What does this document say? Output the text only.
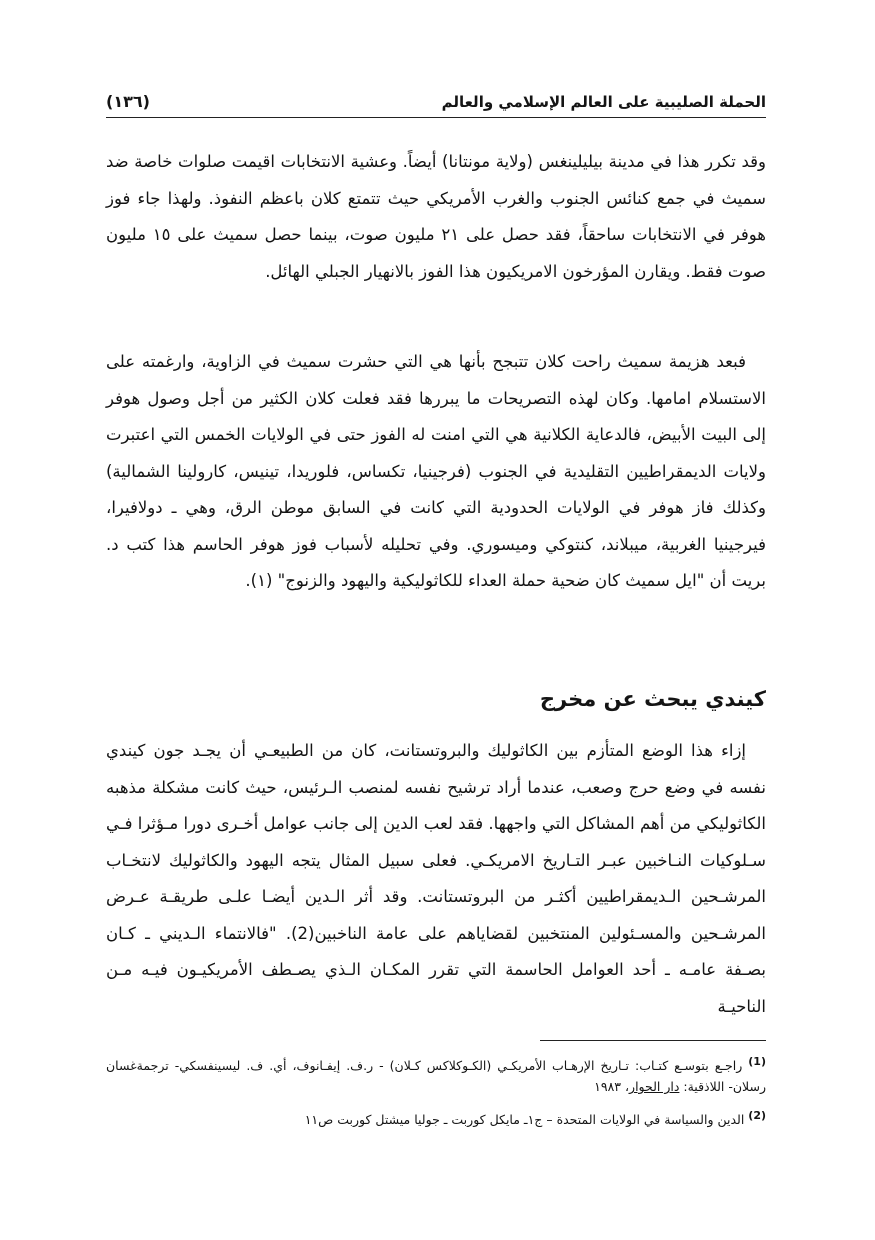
الحملة الصليبية على العالم الإسلامي والعالم
(١٣٦)

وقد تكرر هذا في مدينة بيليلينغس (ولاية مونتانا) أيضاً. وعشية الانتخابات اقيمت صلوات خاصة ضد سميث في جمع كنائس الجنوب والغرب الأمريكي حيث تتمتع كلان باعظم النفوذ. ولهذا جاء فوز هوفر في الانتخابات ساحقاً، فقد حصل على ٢١ مليون صوت، بينما حصل سميث على ١٥ مليون صوت فقط. ويقارن المؤرخون الامريكيون هذا الفوز بالانهيار الجبلي الهائل.

فبعد هزيمة سميث راحت كلان تتبجح بأنها هي التي حشرت سميث في الزاوية، وارغمته على الاستسلام امامها. وكان لهذه التصريحات ما يبررها فقد فعلت كلان الكثير من أجل وصول هوفر إلى البيت الأبيض، فالدعاية الكلانية هي التي امنت له الفوز حتى في الولايات الخمس التي اعتبرت ولايات الديمقراطيين التقليدية في الجنوب (فرجينيا، تكساس، فلوريدا، تينيس، كارولينا الشمالية) وكذلك فاز هوفر في الولايات الحدودية التي كانت في السابق موطن الرق، وهي ـ دولافيرا، فيرجينيا الغربية، ميبلاند، كنتوكي وميسوري. وفي تحليله لأسباب فوز هوفر الحاسم هذا كتب د. بريت أن "ايل سميث كان ضحية حملة العداء للكاثوليكية واليهود والزنوج" (١).

كيندي يبحث عن مخرج

إزاء هذا الوضع المتأزم بين الكاثوليك والبروتستانت، كان من الطبيعـي أن يجـد جون كيندي نفسه في وضع حرج وصعب، عندما أراد ترشيح نفسه لمنصب الـرئيس، حيث كانت مشكلة مذهبه الكاثوليكي من أهم المشاكل التي واجهها. فقد لعب الدين إلى جانب عوامل أخـرى دورا مـؤثرا فـي سـلوكيات النـاخبين عبـر التـاريخ الامريكـي. فعلى سبيل المثال يتجه اليهود والكاثوليك لانتخـاب المرشـحين الـديمقراطيين أكثـر من البروتستانت. وقد أثر الـدين أيضـا علـى طريقـة عـرض المرشـحين والمسـئولين المنتخبين لقضاياهم على عامة الناخبين(2). "فالانتماء الـديني ـ كـان بصـفة عامـه ـ أحد العوامل الحاسمة التي تقرر المكـان الـذي يصـطف الأمريكيـون فيـه مـن الناحيـة

$^{(1)}$ راجـع بتوسـع كتـاب: تـاريخ الإرهـاب الأمريكـي (الكـوكلاكس كـلان) - ر.ف. إيفـانوف، أي. ف. ليسينفسكي- ترجمةغسان رسلان- اللاذقية: دار الحوار، ١٩٨٣

$^{(2)}$ الدين والسياسة في الولايات المتحدة – ج١ـ مايكل كوربت ـ جوليا ميشتل كوربت ص١١
